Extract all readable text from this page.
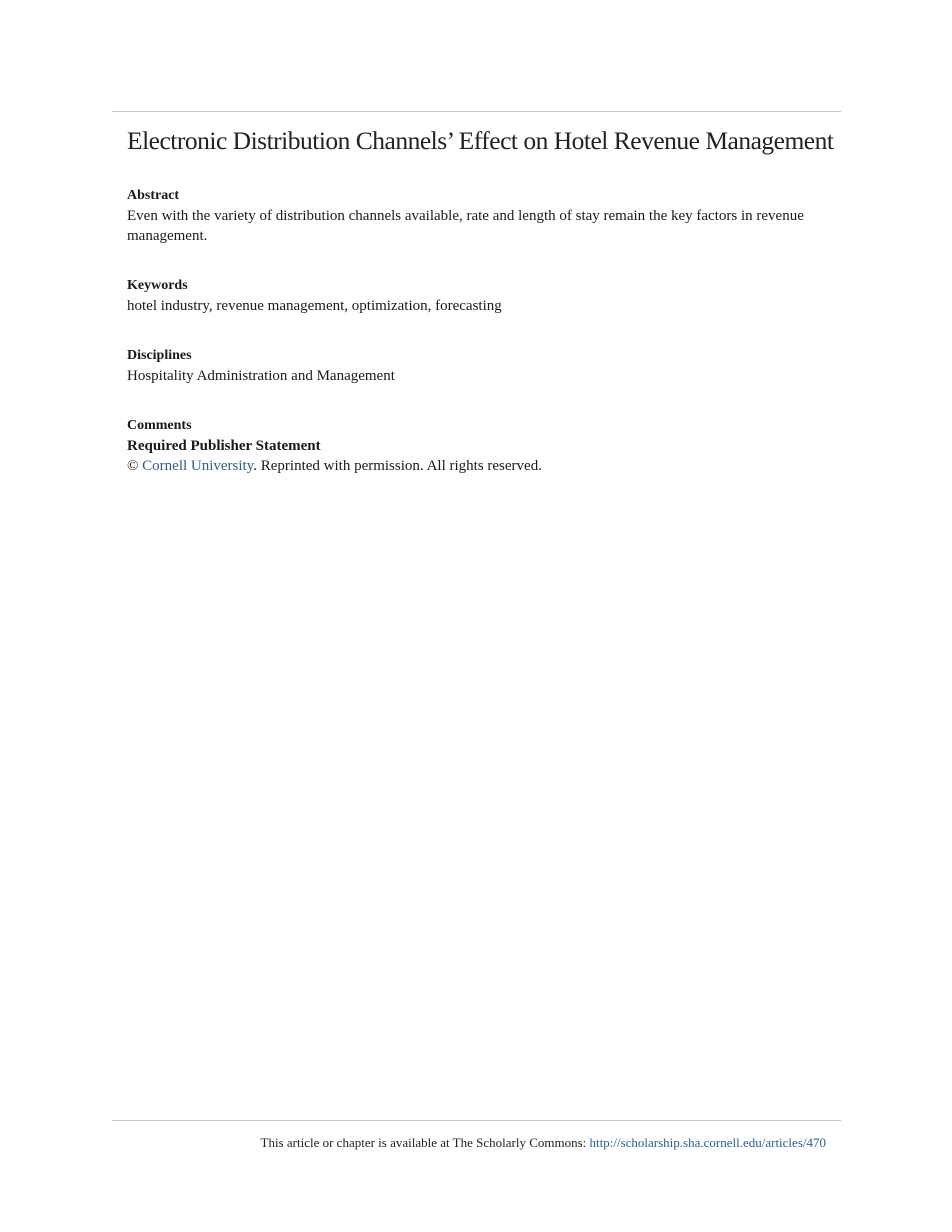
Electronic Distribution Channels’ Effect on Hotel Revenue Management
Abstract
Even with the variety of distribution channels available, rate and length of stay remain the key factors in revenue management.
Keywords
hotel industry, revenue management, optimization, forecasting
Disciplines
Hospitality Administration and Management
Comments
Required Publisher Statement
© Cornell University. Reprinted with permission. All rights reserved.
This article or chapter is available at The Scholarly Commons: http://scholarship.sha.cornell.edu/articles/470
